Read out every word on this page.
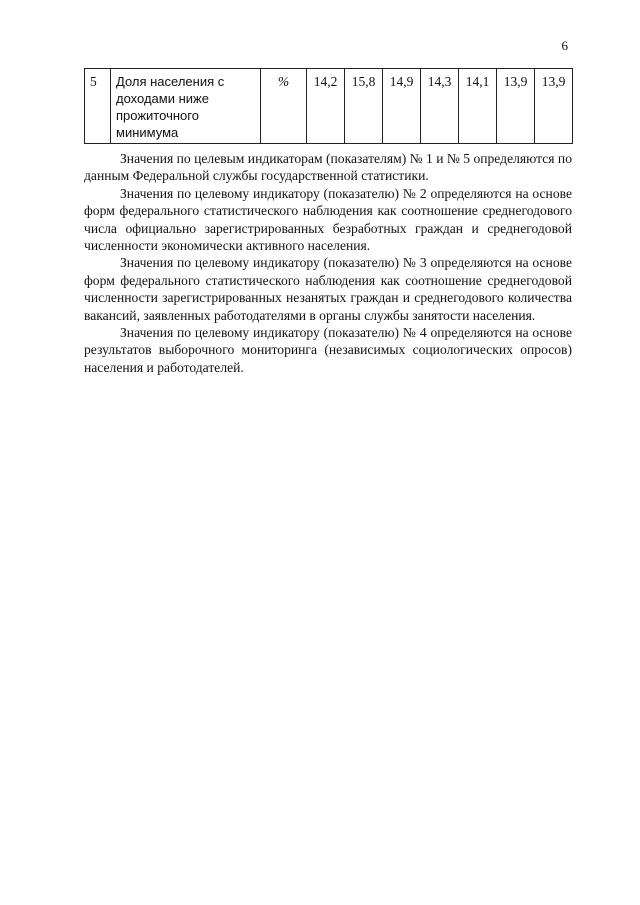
6
5	Доля населения с доходами ниже прожиточного минимума	%	14,2	15,8	14,9	14,3	14,1	13,9	13,9

Значения по целевым индикаторам (показателям) № 1 и № 5 определяются по данным Федеральной службы государственной статистики.

Значения по целевому индикатору (показателю) № 2 определяются на основе форм федерального статистического наблюдения как соотношение среднегодового числа официально зарегистрированных безработных граждан и среднегодовой численности экономически активного населения.

Значения по целевому индикатору (показателю) № 3 определяются на основе форм федерального статистического наблюдения как соотношение среднегодовой численности зарегистрированных незанятых граждан и среднегодового количества вакансий, заявленных работодателями в органы службы занятости населения.

Значения по целевому индикатору (показателю) № 4 определяются на основе результатов выборочного мониторинга (независимых социологических опросов) населения и работодателей.
